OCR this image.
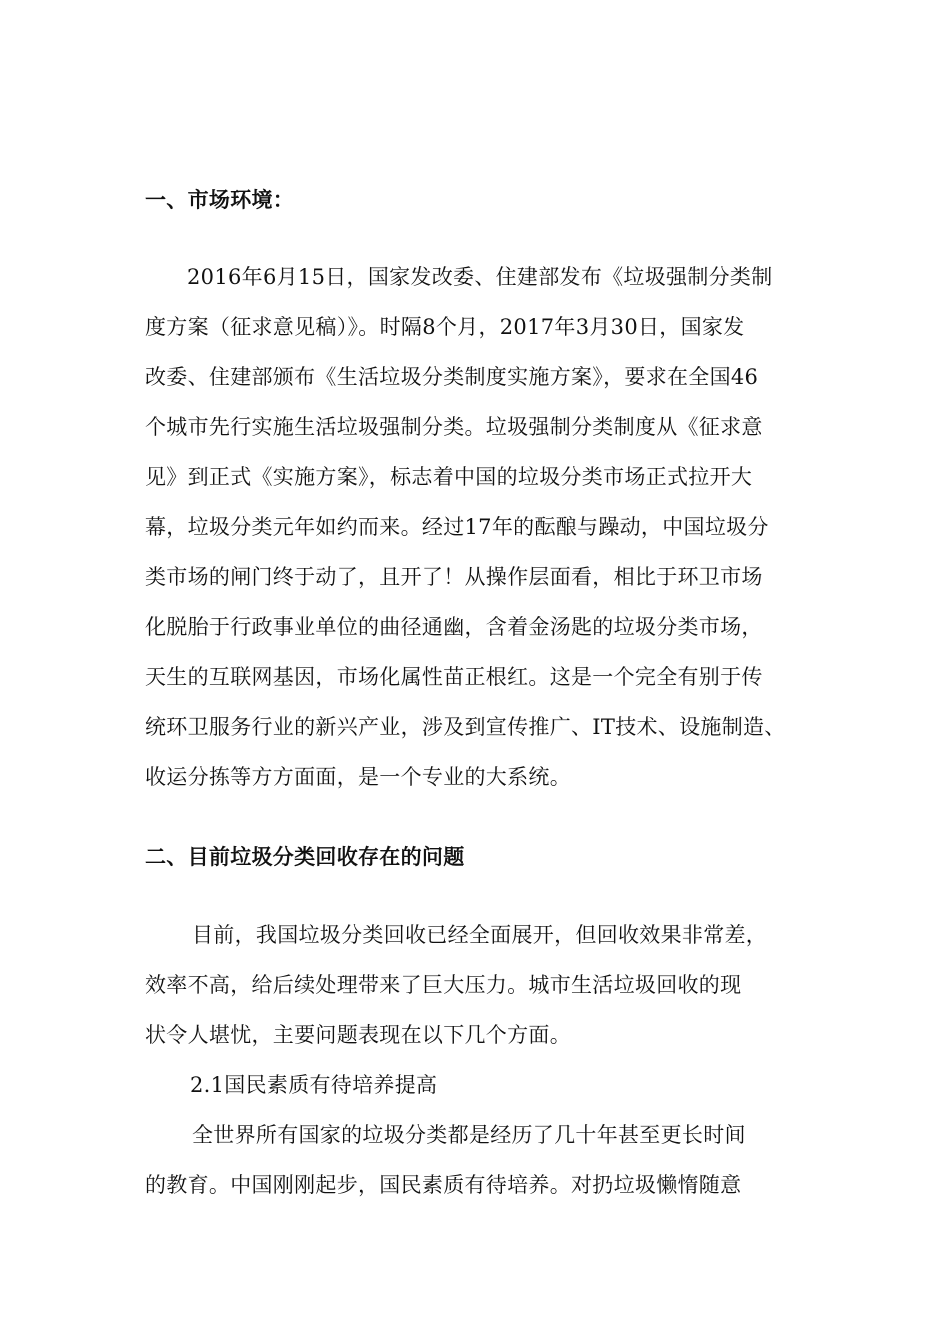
一、市场环境：
2016年6月15日，国家发改委、住建部发布《垃圾强制分类制
度方案（征求意见稿）》。时隔8个月，2017年3月30日，国家发
改委、住建部颁布《生活垃圾分类制度实施方案》，要求在全国46
个城市先行实施生活垃圾强制分类。垃圾强制分类制度从《征求意
见》到正式《实施方案》，标志着中国的垃圾分类市场正式拉开大
幕，垃圾分类元年如约而来。经过17年的酝酿与躁动，中国垃圾分
类市场的闸门终于动了，且开了！从操作层面看，相比于环卫市场
化脱胎于行政事业单位的曲径通幽，含着金汤匙的垃圾分类市场，
天生的互联网基因，市场化属性苗正根红。这是一个完全有别于传
统环卫服务行业的新兴产业，涉及到宣传推广、IT技术、设施制造、
收运分拣等方方面面，是一个专业的大系统。
二、目前垃圾分类回收存在的问题
目前，我国垃圾分类回收已经全面展开，但回收效果非常差，
效率不高，给后续处理带来了巨大压力。城市生活垃圾回收的现
状令人堪忧，主要问题表现在以下几个方面。
2.1国民素质有待培养提高
全世界所有国家的垃圾分类都是经历了几十年甚至更长时间
的教育。中国刚刚起步，国民素质有待培养。对扔垃圾懒惰随意
